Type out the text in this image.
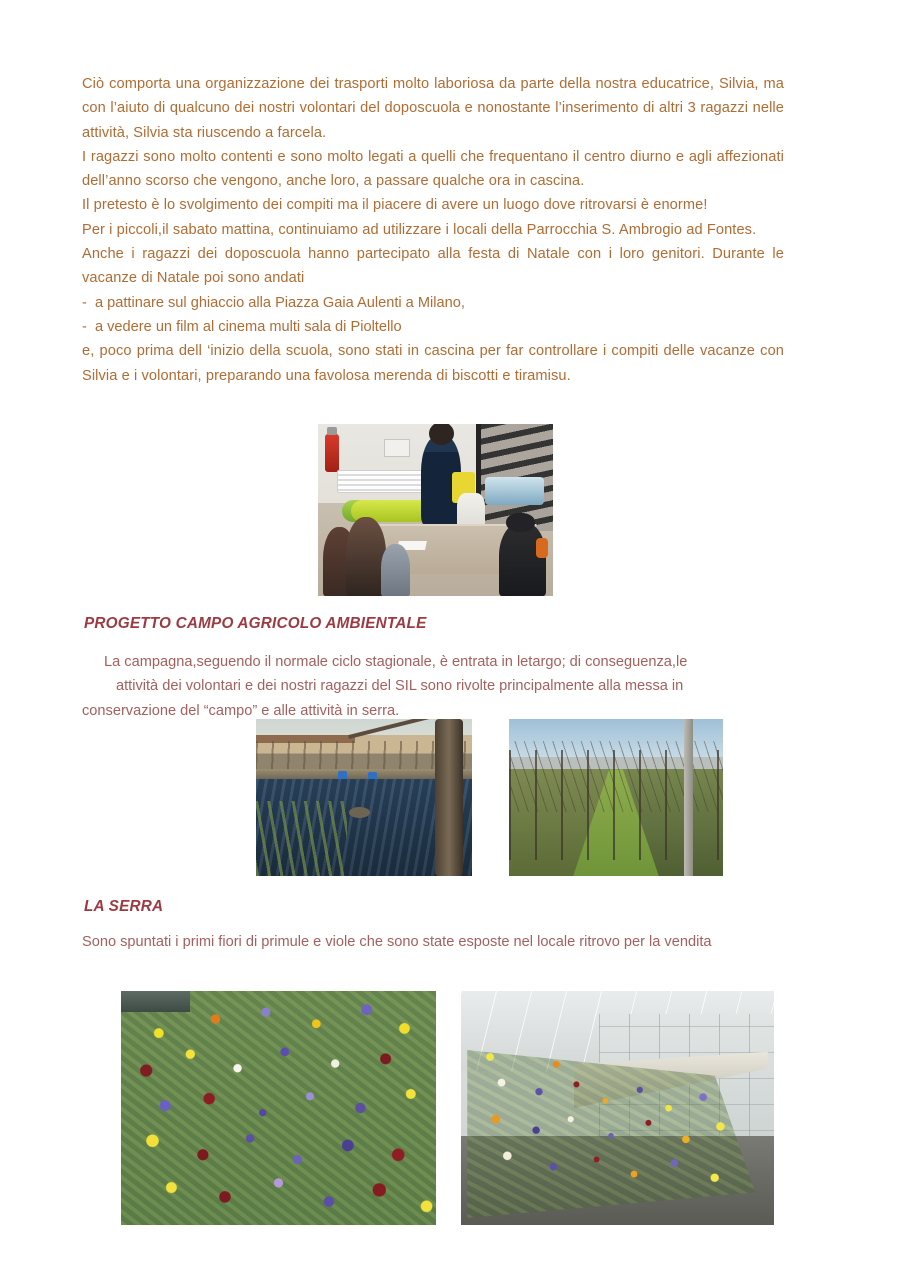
Ciò comporta una organizzazione dei trasporti molto laboriosa da parte della nostra educatrice, Silvia, ma con l’aiuto di qualcuno dei nostri volontari del doposcuola e nonostante l’inserimento di altri 3 ragazzi nelle attività, Silvia sta riuscendo a farcela.

I ragazzi sono molto contenti e sono molto legati a quelli che frequentano il centro diurno e agli affezionati dell’anno scorso che vengono, anche loro, a passare qualche ora in cascina.

Il pretesto è lo svolgimento dei compiti ma il piacere di avere un luogo dove ritrovarsi è enorme!

Per i piccoli,il sabato mattina, continuiamo ad utilizzare i locali della Parrocchia S. Ambrogio ad Fontes.

Anche i ragazzi dei doposcuola hanno partecipato alla festa di Natale con i loro genitori. Durante le vacanze di Natale poi sono andati

-  a pattinare sul ghiaccio alla Piazza Gaia Aulenti a Milano,

-  a vedere un film al cinema multi sala di Pioltello

e, poco prima dell ‘inizio della scuola, sono stati in cascina per far controllare i compiti delle vacanze con Silvia e i volontari, preparando una favolosa merenda di biscotti e tiramisu.

PROGETTO CAMPO AGRICOLO AMBIENTALE

La campagna,seguendo il normale ciclo stagionale, è entrata in letargo; di conseguenza,le

attività dei volontari e dei nostri ragazzi del SIL sono rivolte principalmente alla messa in

conservazione del “campo” e alle attività in serra.

LA SERRA

Sono spuntati i primi fiori di primule e viole che sono state esposte nel locale ritrovo per la vendita
